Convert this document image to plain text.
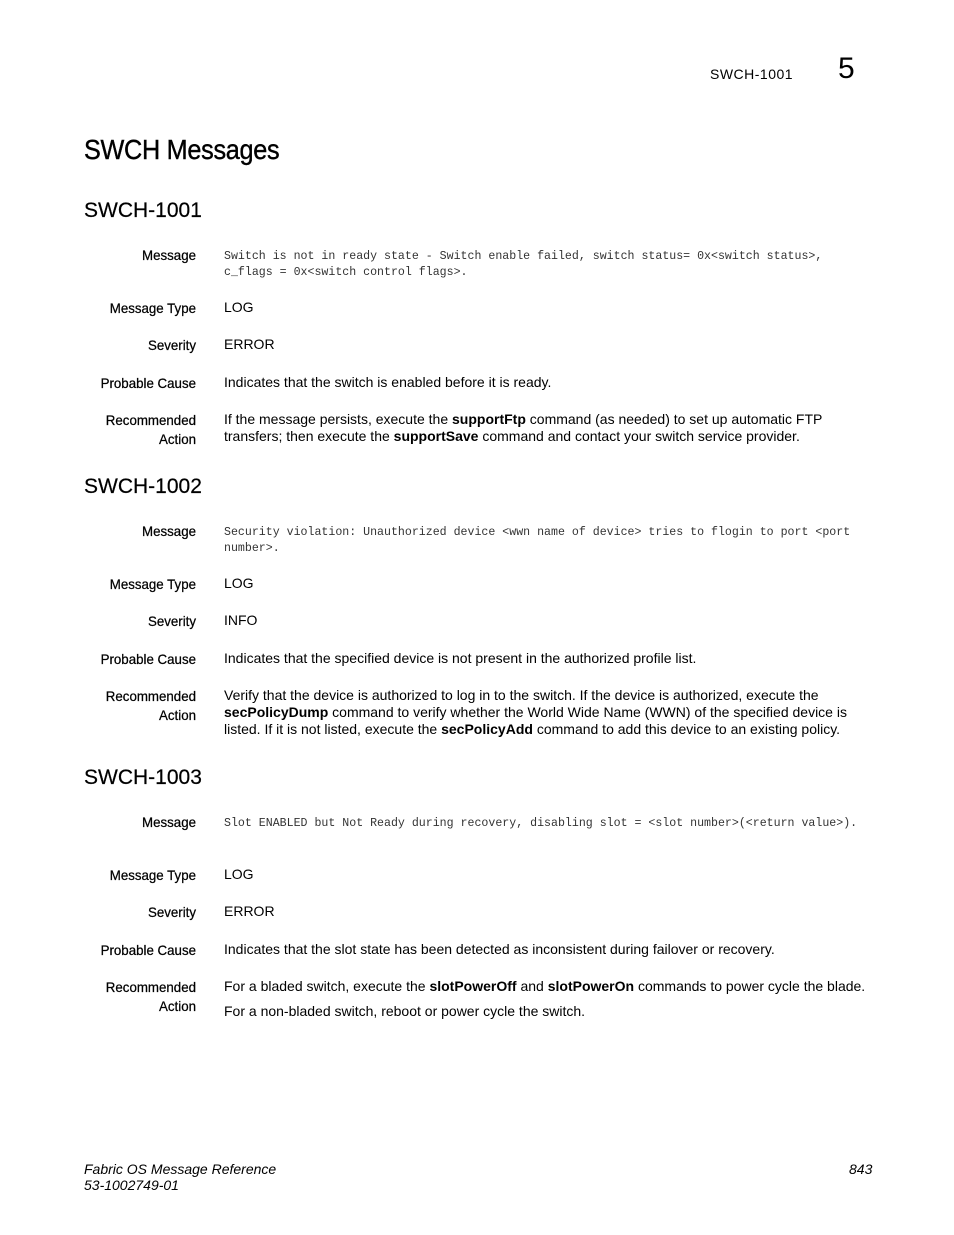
SWCH-1001 5
SWCH Messages
SWCH-1001
Message Switch is not in ready state - Switch enable failed, switch status= 0x<switch status>, c_flags = 0x<switch control flags>.
Message Type LOG
Severity ERROR
Probable Cause Indicates that the switch is enabled before it is ready.
Recommended
Action
If the message persists, execute the supportFtp command (as needed) to set up automatic FTP transfers; then execute the supportSave command and contact your switch service provider.
SWCH-1002
Message Security violation: Unauthorized device <wwn name of device> tries to flogin to port <port number>.
Message Type LOG
Severity INFO
Probable Cause Indicates that the specified device is not present in the authorized profile list.
Recommended
Action
Verify that the device is authorized to log in to the switch. If the device is authorized, execute the secPolicyDump command to verify whether the World Wide Name (WWN) of the specified device is listed. If it is not listed, execute the secPolicyAdd command to add this device to an existing policy.
SWCH-1003
Message Slot ENABLED but Not Ready during recovery, disabling slot = <slot number>(<return value>).
Message Type LOG
Severity ERROR
Probable Cause Indicates that the slot state has been detected as inconsistent during failover or recovery.
Recommended
Action
For a bladed switch, execute the slotPowerOff and slotPowerOn commands to power cycle the blade.
For a non-bladed switch, reboot or power cycle the switch.
Fabric OS Message Reference
53-1002749-01
843
